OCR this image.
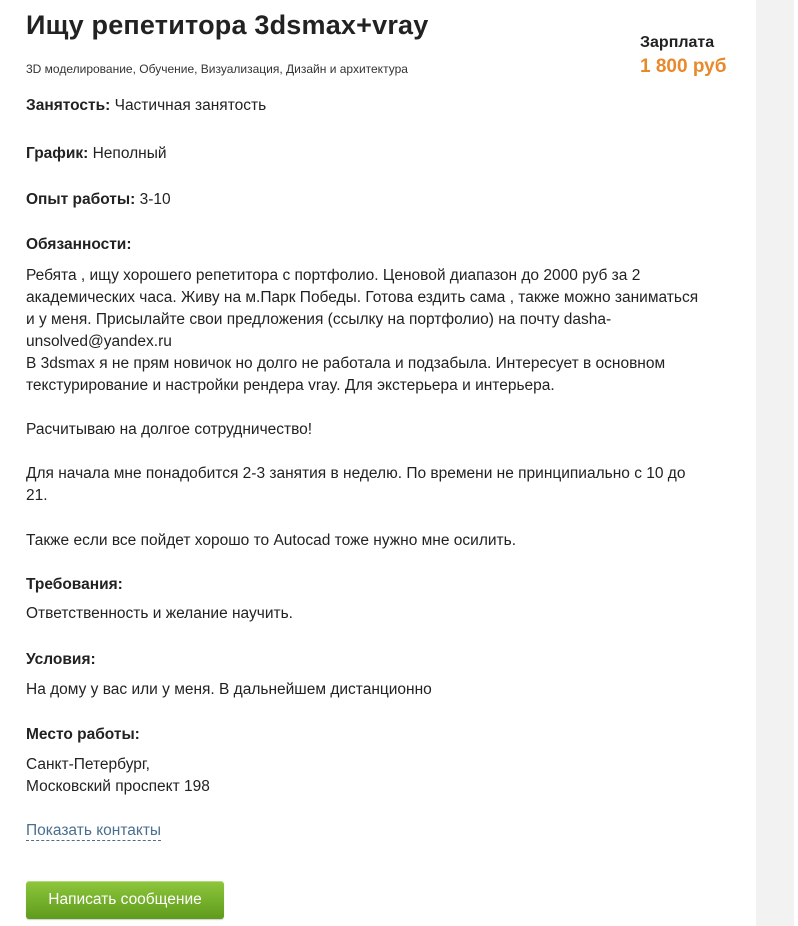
Ищу репетитора 3dsmax+vray
3D моделирование, Обучение, Визуализация, Дизайн и архитектура
Зарплата
1 800 руб
Занятость: Частичная занятость
График: Неполный
Опыт работы: 3-10
Обязанности:
Ребята , ищу хорошего репетитора с портфолио. Ценовой диапазон до 2000 руб за 2
академических часа. Живу на м.Парк Победы. Готова ездить сама , также можно заниматься
и у меня. Присылайте свои предложения (ссылку на портфолио) на почту dasha-
unsolved@yandex.ru
В 3dsmax я не прям новичок но долго не работала и подзабыла. Интересует в основном
текстурирование и настройки рендера vray. Для экстерьера и интерьера.
Расчитываю на долгое сотрудничество!
Для начала мне понадобится 2-3 занятия в неделю. По времени не принципиально с 10 до
21.
Также если все пойдет хорошо то Autocad тоже нужно мне осилить.
Требования:
Ответственность и желание научить.
Условия:
На дому у вас или у меня. В дальнейшем дистанционно
Место работы:
Санкт-Петербург,
Московский проспект 198
Показать контакты
Написать сообщение
